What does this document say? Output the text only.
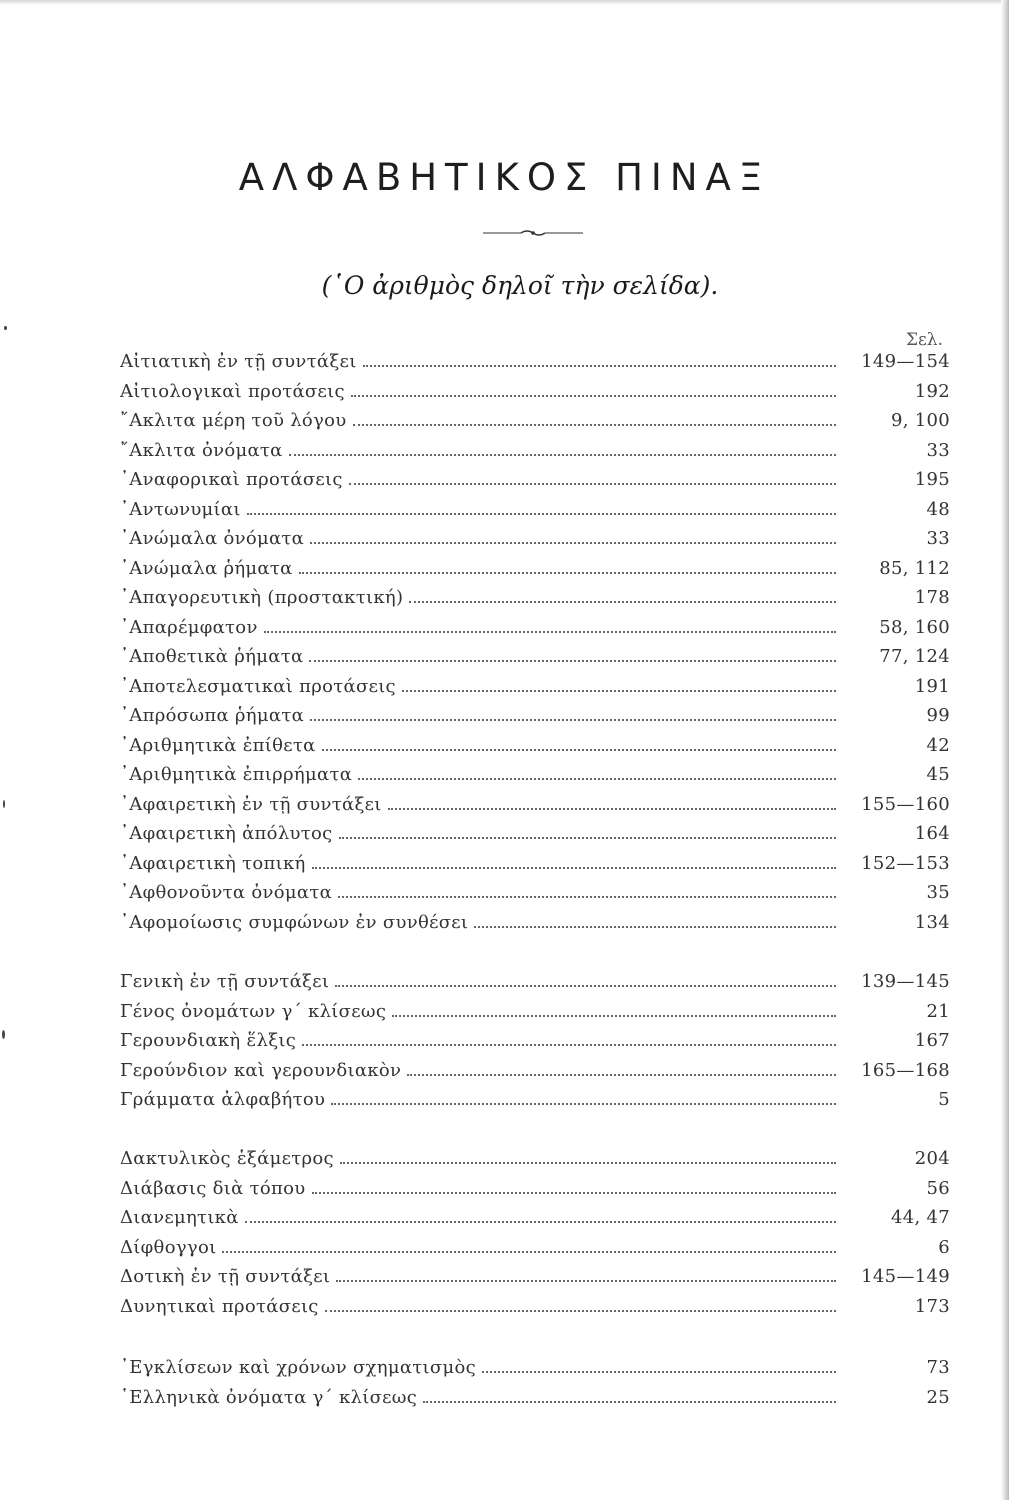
ΑΛΦΑΒΗΤΙΚΟΣ ΠΙΝΑΞ
(῾Ο ἀριθμὸς δηλοῖ τὴν σελίδα).
Σελ.
Αἰτιατικὴ ἐν τῇ συντάξει	149—154
Αἰτιολογικαὶ προτάσεις	192
῎Ακλιτα μέρη τοῦ λόγου	9, 100
῎Ακλιτα ὀνόματα	33
᾿Αναφορικαὶ προτάσεις	195
᾿Αντωνυμίαι	48
᾿Ανώμαλα ὀνόματα	33
᾿Ανώμαλα ῥήματα	85, 112
᾿Απαγορευτικὴ (προστακτική)	178
᾿Απαρέμφατον	58, 160
᾿Αποθετικὰ ῥήματα	77, 124
᾿Αποτελεσματικαὶ προτάσεις	191
᾿Απρόσωπα ῥήματα	99
᾿Αριθμητικὰ ἐπίθετα	42
᾿Αριθμητικὰ ἐπιρρήματα	45
᾿Αφαιρετικὴ ἐν τῇ συντάξει	155—160
᾿Αφαιρετικὴ ἀπόλυτος	164
᾿Αφαιρετικὴ τοπική	152—153
᾿Αφθονοῦντα ὀνόματα	35
᾿Αφομοίωσις συμφώνων ἐν συνθέσει	134
Γενικὴ ἐν τῇ συντάξει	139—145
Γένος ὀνομάτων γ΄ κλίσεως	21
Γερουνδιακὴ ἕλξις	167
Γερούνδιον καὶ γερουνδιακὸν	165—168
Γράμματα ἀλφαβήτου	5
Δακτυλικὸς ἑξάμετρος	204
Διάβασις διὰ τόπου	56
Διανεμητικὰ	44, 47
Δίφθογγοι	6
Δοτικὴ ἐν τῇ συντάξει	145—149
Δυνητικαὶ προτάσεις	173
᾿Εγκλίσεων καὶ χρόνων σχηματισμὸς	73
῾Ελληνικὰ ὀνόματα γ΄ κλίσεως	25
